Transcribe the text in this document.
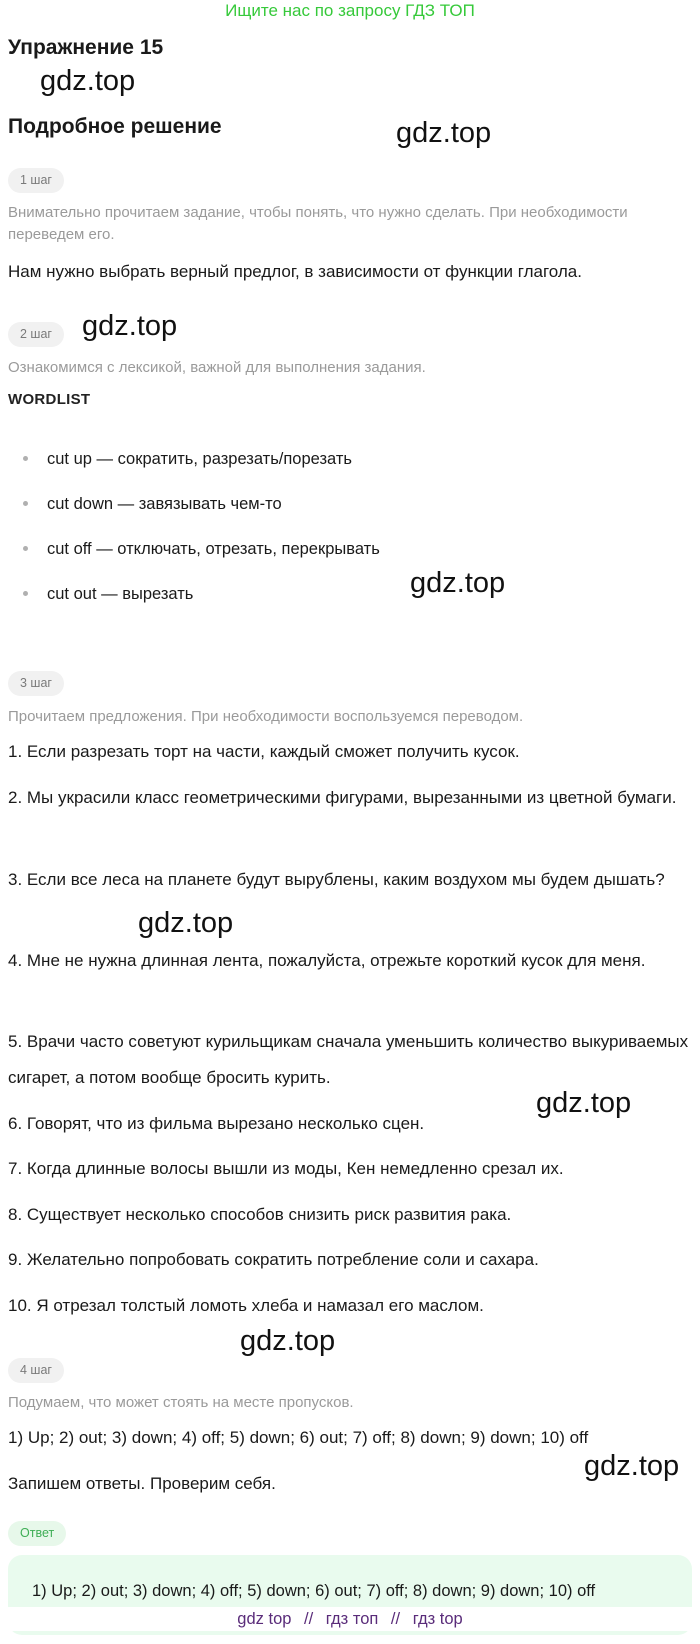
Ищите нас по запросу ГДЗ ТОП
Упражнение 15
gdz.top
Подробное решение	gdz.top
1 шаг

Внимательно прочитаем задание, чтобы понять, что нужно сделать. При необходимости переведем его.

Нам нужно выбрать верный предлог, в зависимости от функции глагола.

2 шаг	gdz.top

Ознакомимся с лексикой, важной для выполнения задания.

WORDLIST
cut up — сократить, разрезать/порезать
cut down — завязывать чем-то
cut off — отключать, отрезать, перекрывать
cut out — вырезать	gdz.top
3 шаг

Прочитаем предложения. При необходимости воспользуемся переводом.

1. Если разрезать торт на части, каждый сможет получить кусок.

2. Мы украсили класс геометрическими фигурами, вырезанными из цветной бумаги.

3. Если все леса на планете будут вырублены, каким воздухом мы будем дышать?

gdz.top

4. Мне не нужна длинная лента, пожалуйста, отрежьте короткий кусок для меня.

5. Врачи часто советуют курильщикам сначала уменьшить количество выкуриваемых сигарет, а потом вообще бросить курить.

gdz.top

6. Говорят, что из фильма вырезано несколько сцен.

7. Когда длинные волосы вышли из моды, Кен немедленно срезал их.

8. Существует несколько способов снизить риск развития рака.

9. Желательно попробовать сократить потребление соли и сахара.

10. Я отрезал толстый ломоть хлеба и намазал его маслом.

gdz.top
4 шаг

Подумаем, что может стоять на месте пропусков.

1) Up; 2) out; 3) down; 4) off; 5) down; 6) out; 7) off; 8) down; 9) down; 10) off

gdz.top

Запишем ответы. Проверим себя.

Ответ

1) Up; 2) out; 3) down; 4) off; 5) down; 6) out; 7) off; 8) down; 9) down; 10) off

gdz top // гдз топ // гдз top
